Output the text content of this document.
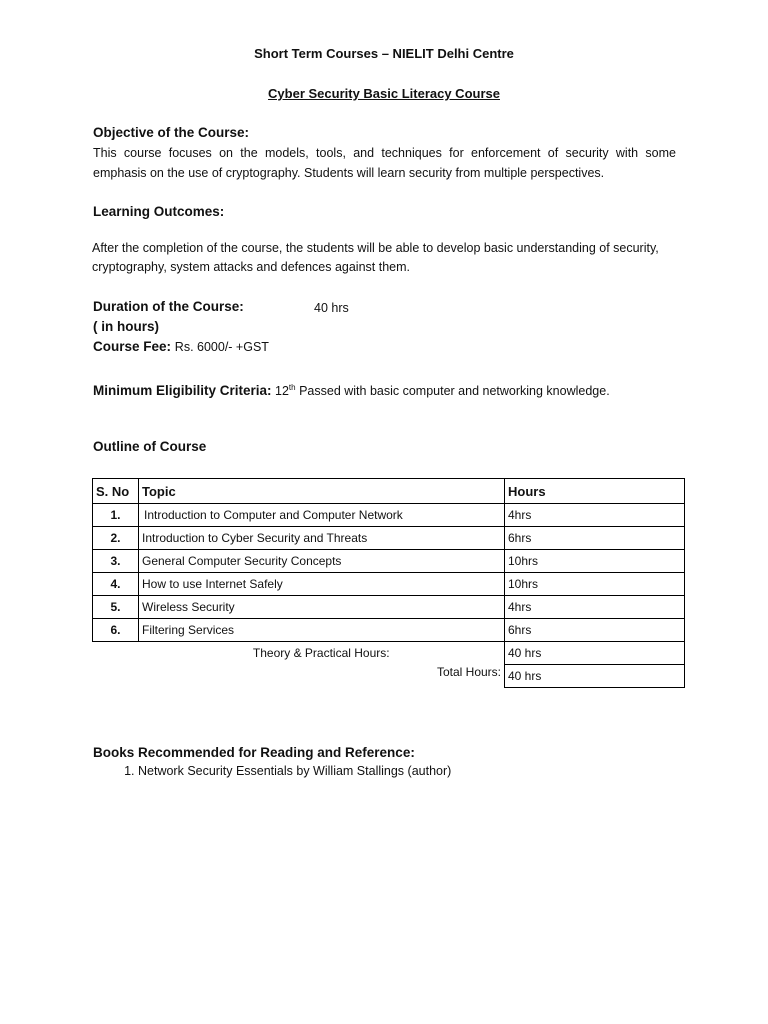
Short Term Courses – NIELIT Delhi Centre
Cyber Security Basic Literacy Course
Objective of the Course:
This course focuses on the models, tools, and techniques for enforcement of security with some emphasis on the use of cryptography. Students will learn security from multiple perspectives.
Learning Outcomes:
After the completion of the course, the students will be able to develop basic understanding of security, cryptography, system attacks and defences against them.
Duration of the Course:	40 hrs
( in hours)
Course Fee: Rs. 6000/- +GST
Minimum Eligibility Criteria: 12th Passed with basic computer and networking knowledge.
Outline of Course
S. No	Topic	Hours
1.	Introduction to Computer and Computer Network	4hrs
2.	Introduction to Cyber Security and Threats	6hrs
3.	General Computer Security Concepts	10hrs
4.	How to use Internet Safely	10hrs
5.	Wireless Security	4hrs
6.	Filtering Services	6hrs
	Theory & Practical Hours:	40 hrs
	Total Hours:	40 hrs
Books Recommended for Reading and Reference:
1. Network Security Essentials by William Stallings (author)
